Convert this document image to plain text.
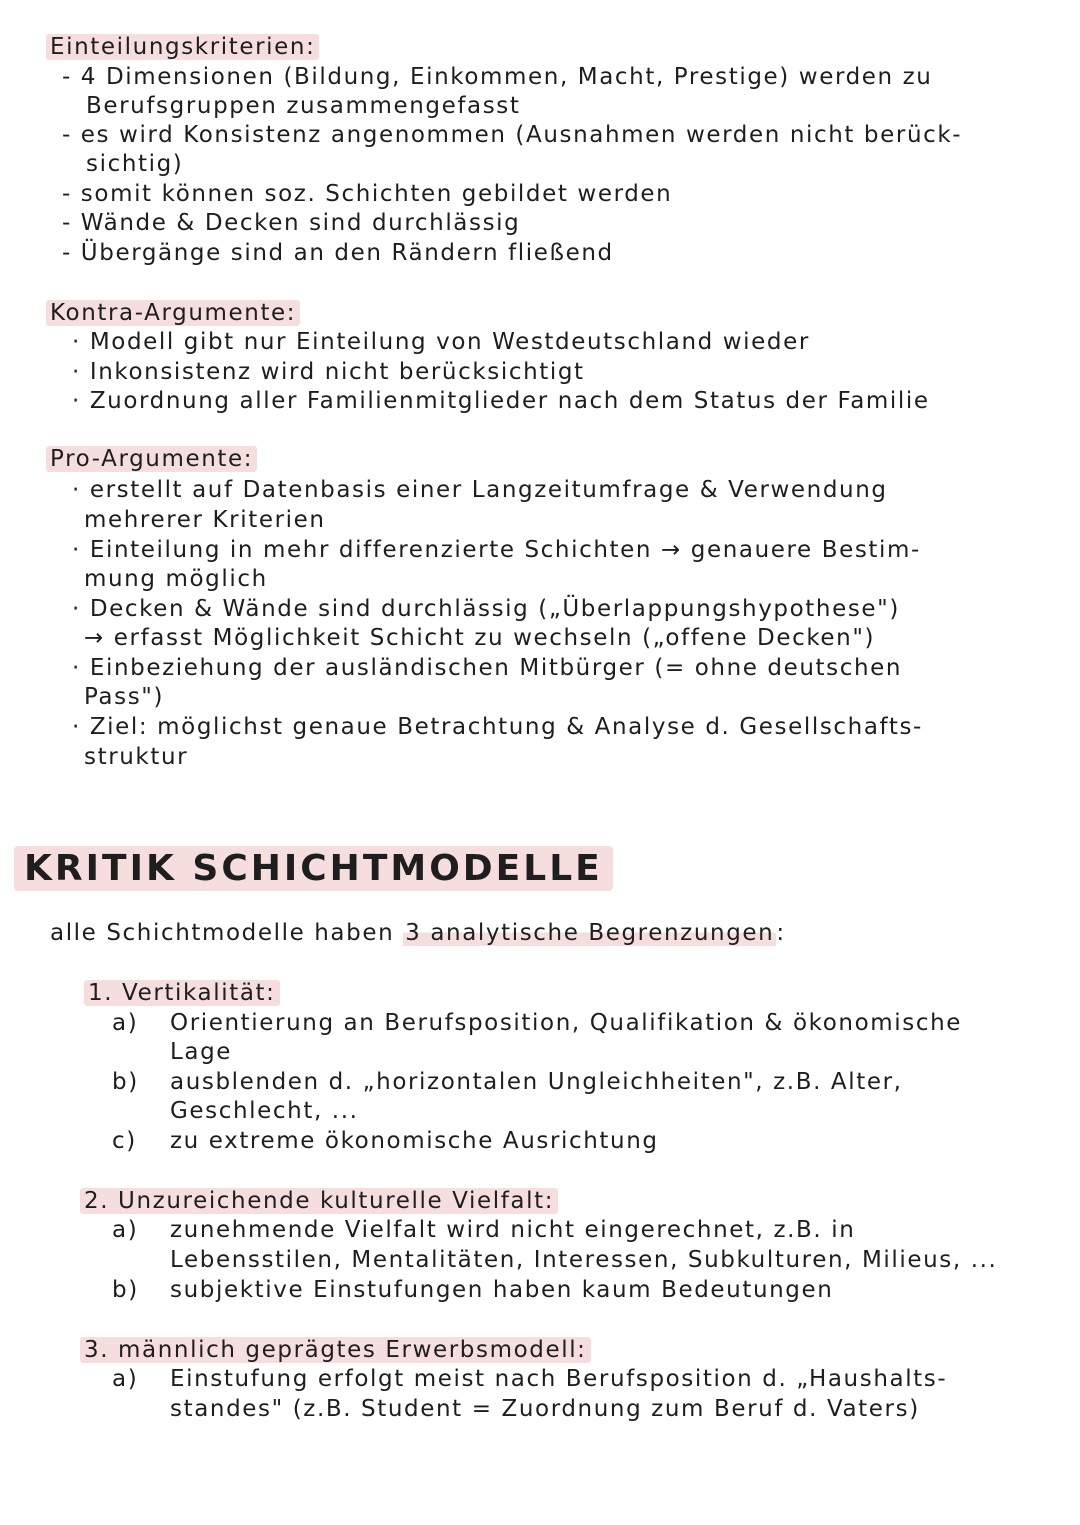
Einteilungskriterien:
- 4 Dimensionen (Bildung, Einkommen, Macht, Prestige) werden zu
Berufsgruppen zusammengefasst
- es wird Konsistenz angenommen (Ausnahmen werden nicht berück-
sichtig)
- somit können soz. Schichten gebildet werden
- Wände & Decken sind durchlässig
- Übergänge sind an den Rändern fließend
Kontra-Argumente:
· Modell gibt nur Einteilung von Westdeutschland wieder
· Inkonsistenz wird nicht berücksichtigt
· Zuordnung aller Familienmitglieder nach dem Status der Familie
Pro-Argumente:
· erstellt auf Datenbasis einer Langzeitumfrage & Verwendung
mehrerer Kriterien
· Einteilung in mehr differenzierte Schichten → genauere Bestim-
mung möglich
· Decken & Wände sind durchlässig („Überlappungshypothese")
→ erfasst Möglichkeit Schicht zu wechseln („offene Decken")
· Einbeziehung der ausländischen Mitbürger (= ohne deutschen
Pass")
· Ziel: möglichst genaue Betrachtung & Analyse d. Gesellschafts-
struktur
KRITIK SCHICHTMODELLE
alle Schichtmodelle haben 3 analytische Begrenzungen:
1. Vertikalität:
a) Orientierung an Berufsposition, Qualifikation & ökonomische
Lage
b) ausblenden d. „horizontalen Ungleichheiten", z.B. Alter,
Geschlecht, ...
c) zu extreme ökonomische Ausrichtung
2. Unzureichende kulturelle Vielfalt:
a) zunehmende Vielfalt wird nicht eingerechnet, z.B. in
Lebensstilen, Mentalitäten, Interessen, Subkulturen, Milieus, ...
b) subjektive Einstufungen haben kaum Bedeutungen
3. männlich geprägtes Erwerbsmodell:
a) Einstufung erfolgt meist nach Berufsposition d. „Haushalts-
standes" (z.B. Student = Zuordnung zum Beruf d. Vaters)
